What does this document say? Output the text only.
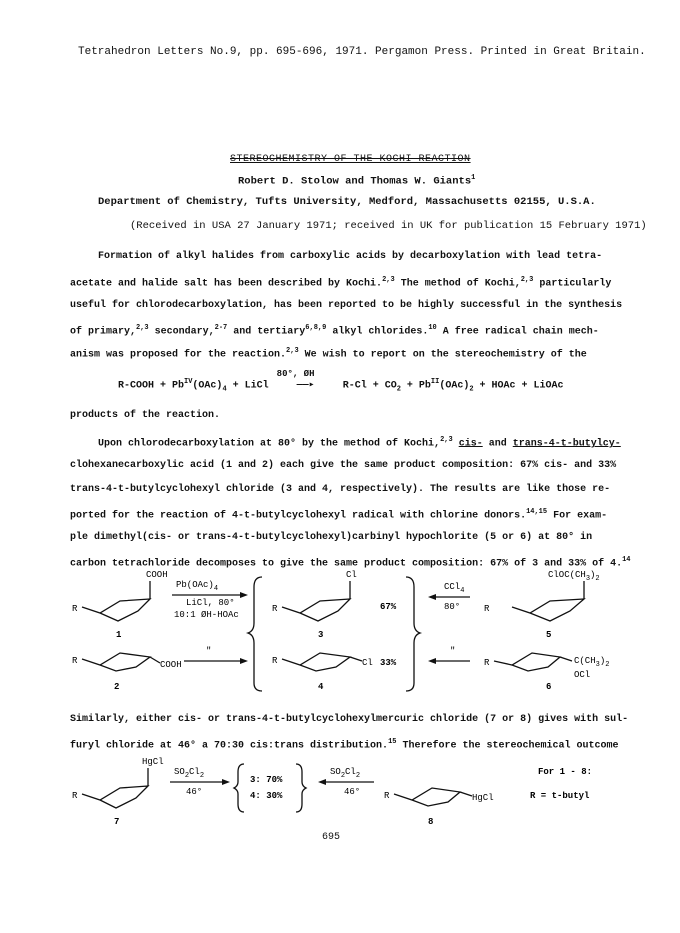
Tetrahedron Letters No.9, pp. 695-696, 1971. Pergamon Press. Printed in Great Britain.
STEREOCHEMISTRY OF THE KOCHI REACTION
Robert D. Stolow and Thomas W. Giants$^1$
Department of Chemistry, Tufts University, Medford, Massachusetts 02155, U.S.A.
(Received in USA 27 January 1971; received in UK for publication 15 February 1971)
Formation of alkyl halides from carboxylic acids by decarboxylation with lead tetra-
acetate and halide salt has been described by Kochi.$^{2,3}$ The method of Kochi,$^{2,3}$ particularly
useful for chlorodecarboxylation, has been reported to be highly successful in the synthesis
of primary,$^{2,3}$ secondary,$^{2-7}$ and tertiary$^{6,8,9}$ alkyl chlorides.$^{10}$ A free radical chain mech-
anism was proposed for the reaction.$^{2,3}$ We wish to report on the stereochemistry of the
R-COOH + $Pb^{IV}(OAc)_4$ + LiCl
80°, ØH
——▸	$R-Cl + CO_2 + Pb^{II}(OAc)_2$ + HOAc + LiOAc
products of the reaction.
Upon chlorodecarboxylation at 80° by the method of Kochi,$^{2,3}$ cis- and trans-4-t-butylcy-
clohexanecarboxylic acid (1 and 2) each give the same product composition: 67% cis- and 33%
trans-4-t-butylcyclohexyl chloride (3 and 4, respectively). The results are like those re-
ported for the reaction of 4-t-butylcyclohexyl radical with chlorine donors.$^{14,15}$ For exam-
ple dimethyl(cis- or trans-4-t-butylcyclohexyl)carbinyl hypochlorite (5 or 6) at 80° in
carbon tetrachloride decomposes to give the same product composition: 67% of 3 and 33% of 4.14
COOH
R
1
$Pb(OAc)_4$
LiCl, 80°
10:1 ØH-HOAc
Cl
R
3
67%
CCl$_4$
80°
$ClOC(CH_3)_2$
R
5
R	COOH
2
"
R	Cl
4
33%
"
R	$C(CH_3)_2$
OCl
6
Similarly, either cis- or trans-4-t-butylcyclohexylmercuric chloride (7 or 8) gives with sul-
furyl chloride at 46° a 70:30 cis:trans distribution.$^{15}$ Therefore the stereochemical outcome
HgCl
R
7
$SO_2Cl_2$
46°
3: 70%
4: 30%
$SO_2Cl_2$
46°	R	HgCl
8
For 1 - 8:
R = t-butyl
695
